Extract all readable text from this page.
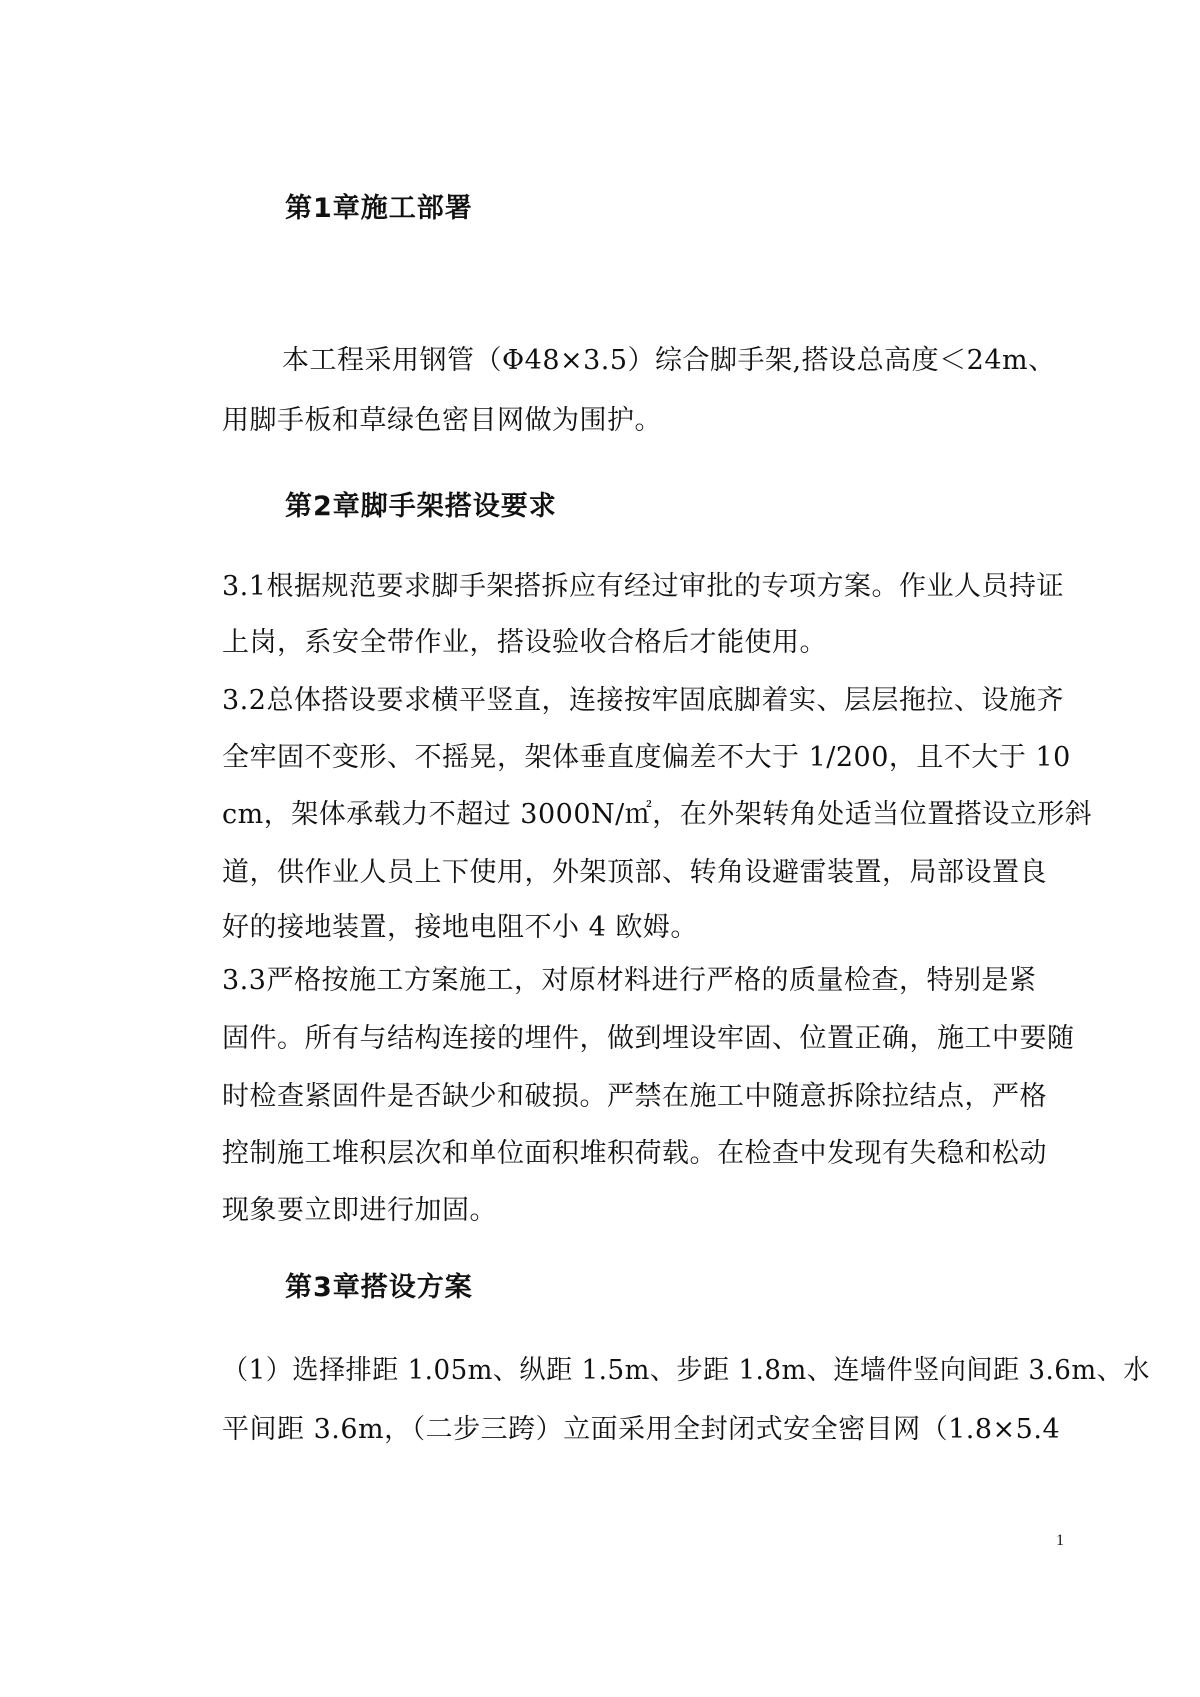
第1章施工部署
本工程采用钢管（Φ48×3.5）综合脚手架,搭设总高度＜24m、
用脚手板和草绿色密目网做为围护。
第2章脚手架搭设要求
3.1根据规范要求脚手架搭拆应有经过审批的专项方案。作业人员持证
上岗，系安全带作业，搭设验收合格后才能使用。
3.2总体搭设要求横平竖直，连接按牢固底脚着实、层层拖拉、设施齐
全牢固不变形、不摇晃，架体垂直度偏差不大于 1/200，且不大于 10
cm，架体承载力不超过 3000N/㎡，在外架转角处适当位置搭设立形斜
道，供作业人员上下使用，外架顶部、转角设避雷装置，局部设置良
好的接地装置，接地电阻不小 4 欧姆。
3.3严格按施工方案施工，对原材料进行严格的质量检查，特别是紧
固件。所有与结构连接的埋件，做到埋设牢固、位置正确，施工中要随
时检查紧固件是否缺少和破损。严禁在施工中随意拆除拉结点，严格
控制施工堆积层次和单位面积堆积荷载。在检查中发现有失稳和松动
现象要立即进行加固。
第3章搭设方案
（1）选择排距 1.05m、纵距 1.5m、步距 1.8m、连墙件竖向间距 3.6m、水
平间距 3.6m，（二步三跨）立面采用全封闭式安全密目网（1.8×5.4
1
